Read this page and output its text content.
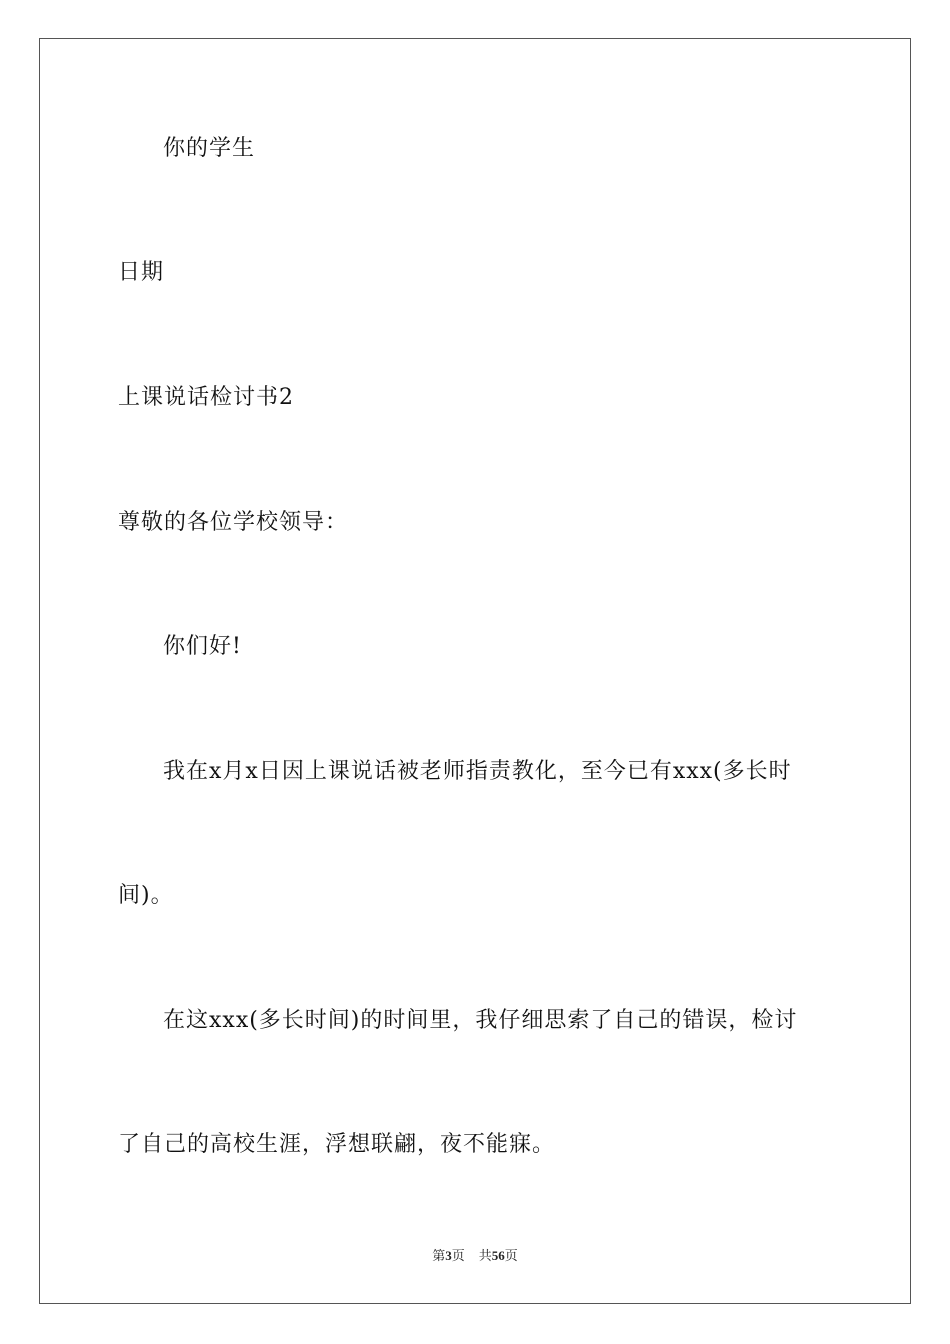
你的学生
日期
上课说话检讨书2
尊敬的各位学校领导：
你们好!
我在x月x日因上课说话被老师指责教化，至今已有xxx(多长时
间)。
在这xxx(多长时间)的时间里，我仔细思索了自己的错误，检讨
了自己的高校生涯，浮想联翩，夜不能寐。
第3页 共56页
